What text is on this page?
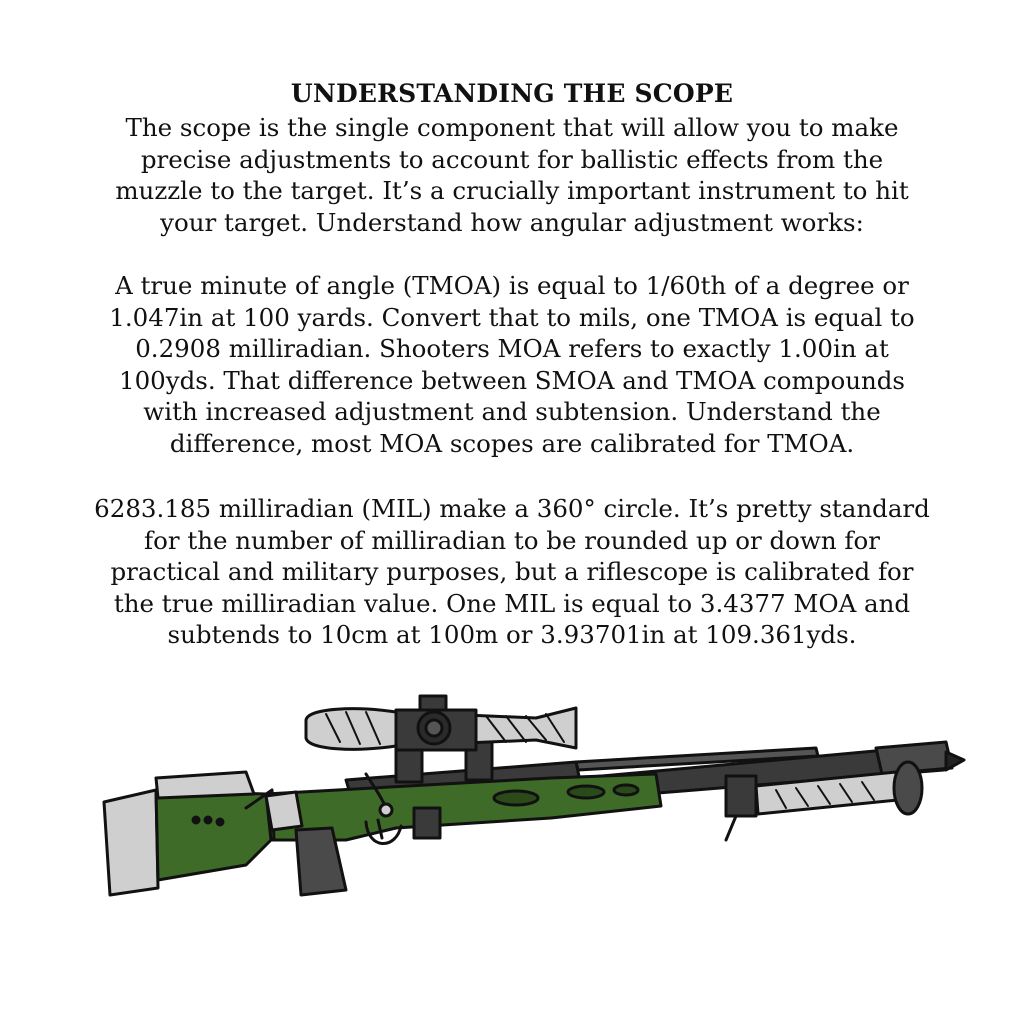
UNDERSTANDING THE SCOPE
The scope is the single component that will allow you to make
precise adjustments to account for ballistic effects from the
muzzle to the target. It’s a crucially important instrument to hit
your target. Understand how angular adjustment works:
A true minute of angle (TMOA) is equal to 1/60th of a degree or
1.047in at 100 yards. Convert that to mils, one TMOA is equal to
0.2908 milliradian. Shooters MOA refers to exactly 1.00in at
100yds. That difference between SMOA and TMOA compounds
with increased adjustment and subtension. Understand the
difference, most MOA scopes are calibrated for TMOA.
6283.185 milliradian (MIL) make a 360° circle. It’s pretty standard
for the number of milliradian to be rounded up or down for
practical and military purposes, but a riflescope is calibrated for
the true milliradian value. One MIL is equal to 3.4377 MOA and
subtends to 10cm at 100m or 3.93701in at 109.361yds.
